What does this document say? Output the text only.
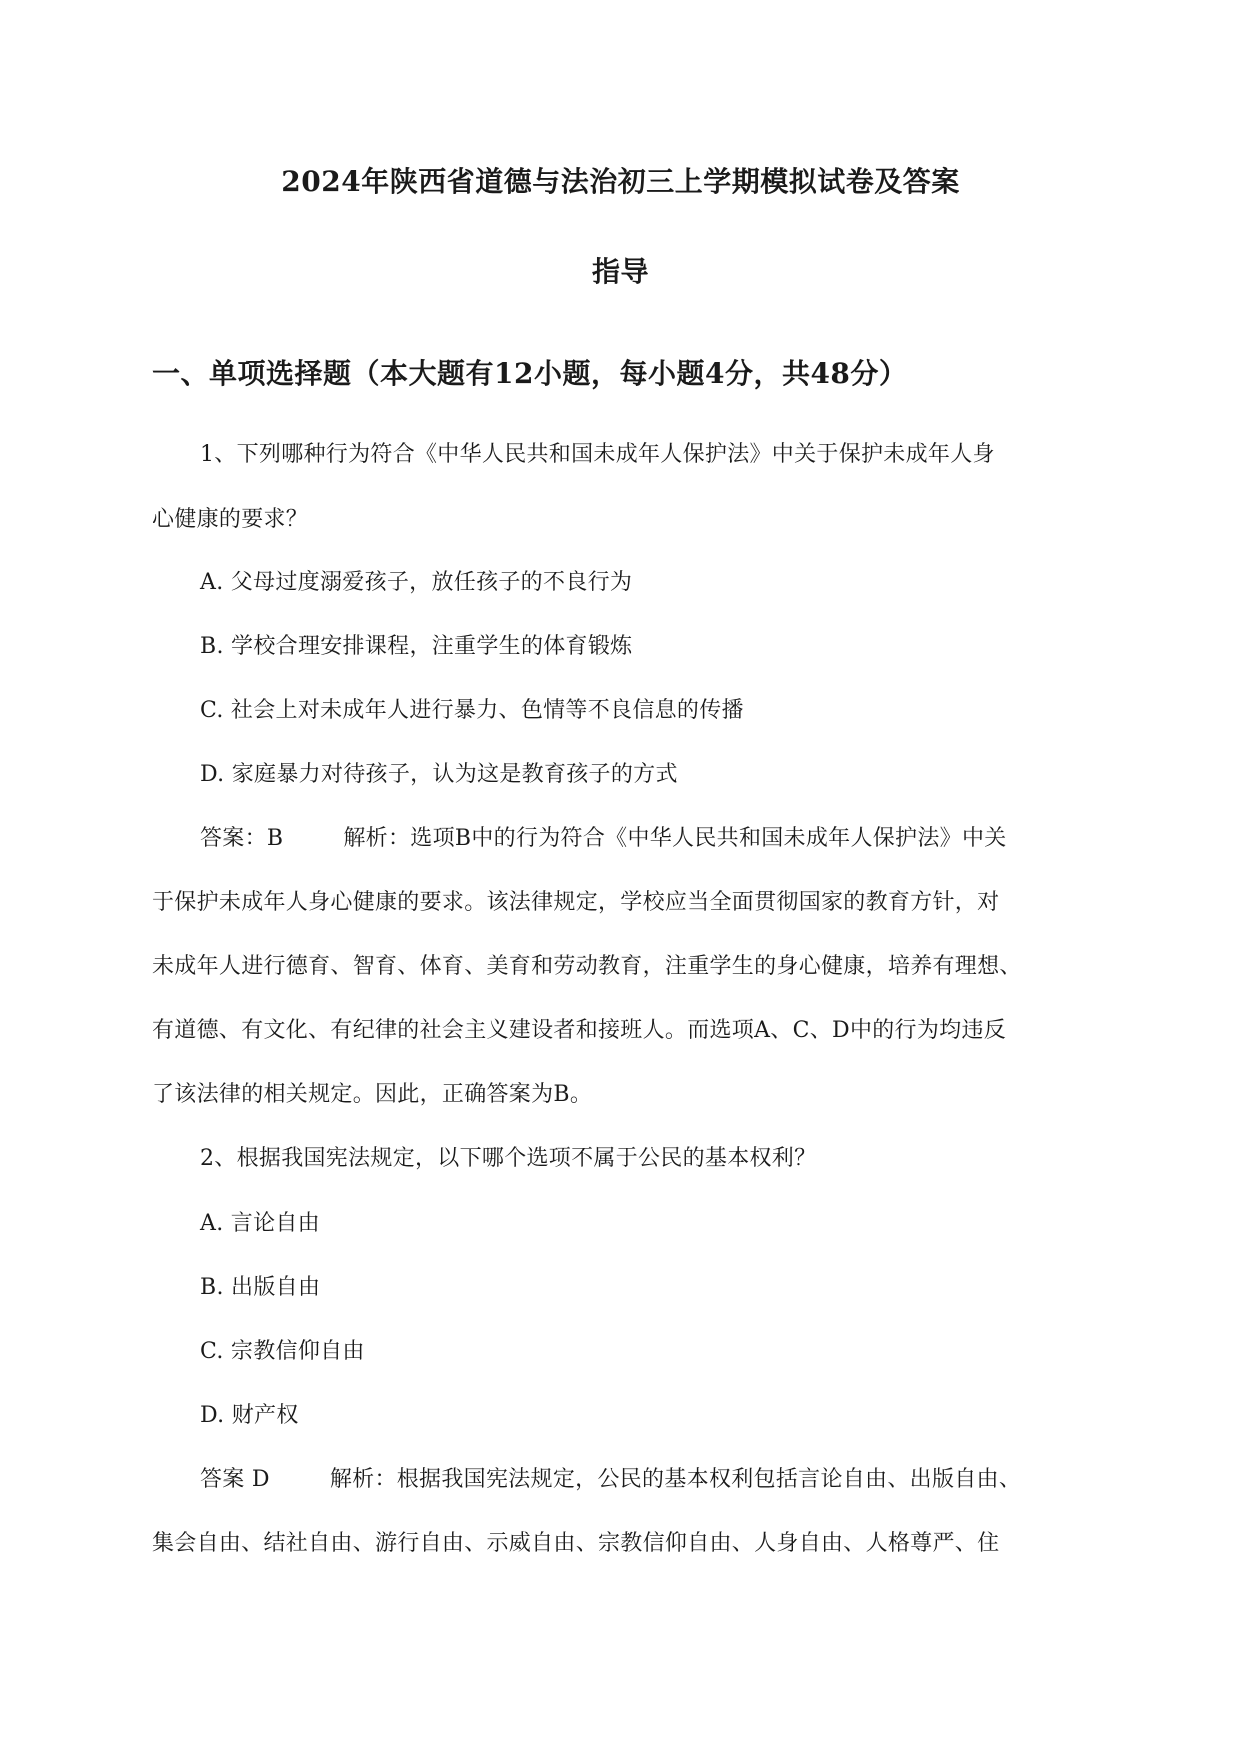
2024年陕西省道德与法治初三上学期模拟试卷及答案
指导
一、单项选择题（本大题有12小题，每小题4分，共48分）
1、下列哪种行为符合《中华人民共和国未成年人保护法》中关于保护未成年人身
心健康的要求？
A. 父母过度溺爱孩子，放任孩子的不良行为
B. 学校合理安排课程，注重学生的体育锻炼
C. 社会上对未成年人进行暴力、色情等不良信息的传播
D. 家庭暴力对待孩子，认为这是教育孩子的方式
答案：B	解析：选项B中的行为符合《中华人民共和国未成年人保护法》中关
于保护未成年人身心健康的要求。该法律规定，学校应当全面贯彻国家的教育方针，对
未成年人进行德育、智育、体育、美育和劳动教育，注重学生的身心健康，培养有理想、
有道德、有文化、有纪律的社会主义建设者和接班人。而选项A、C、D中的行为均违反
了该法律的相关规定。因此，正确答案为B。
2、根据我国宪法规定，以下哪个选项不属于公民的基本权利？
A. 言论自由
B. 出版自由
C. 宗教信仰自由
D. 财产权
答案 D	解析：根据我国宪法规定，公民的基本权利包括言论自由、出版自由、
集会自由、结社自由、游行自由、示威自由、宗教信仰自由、人身自由、人格尊严、住
